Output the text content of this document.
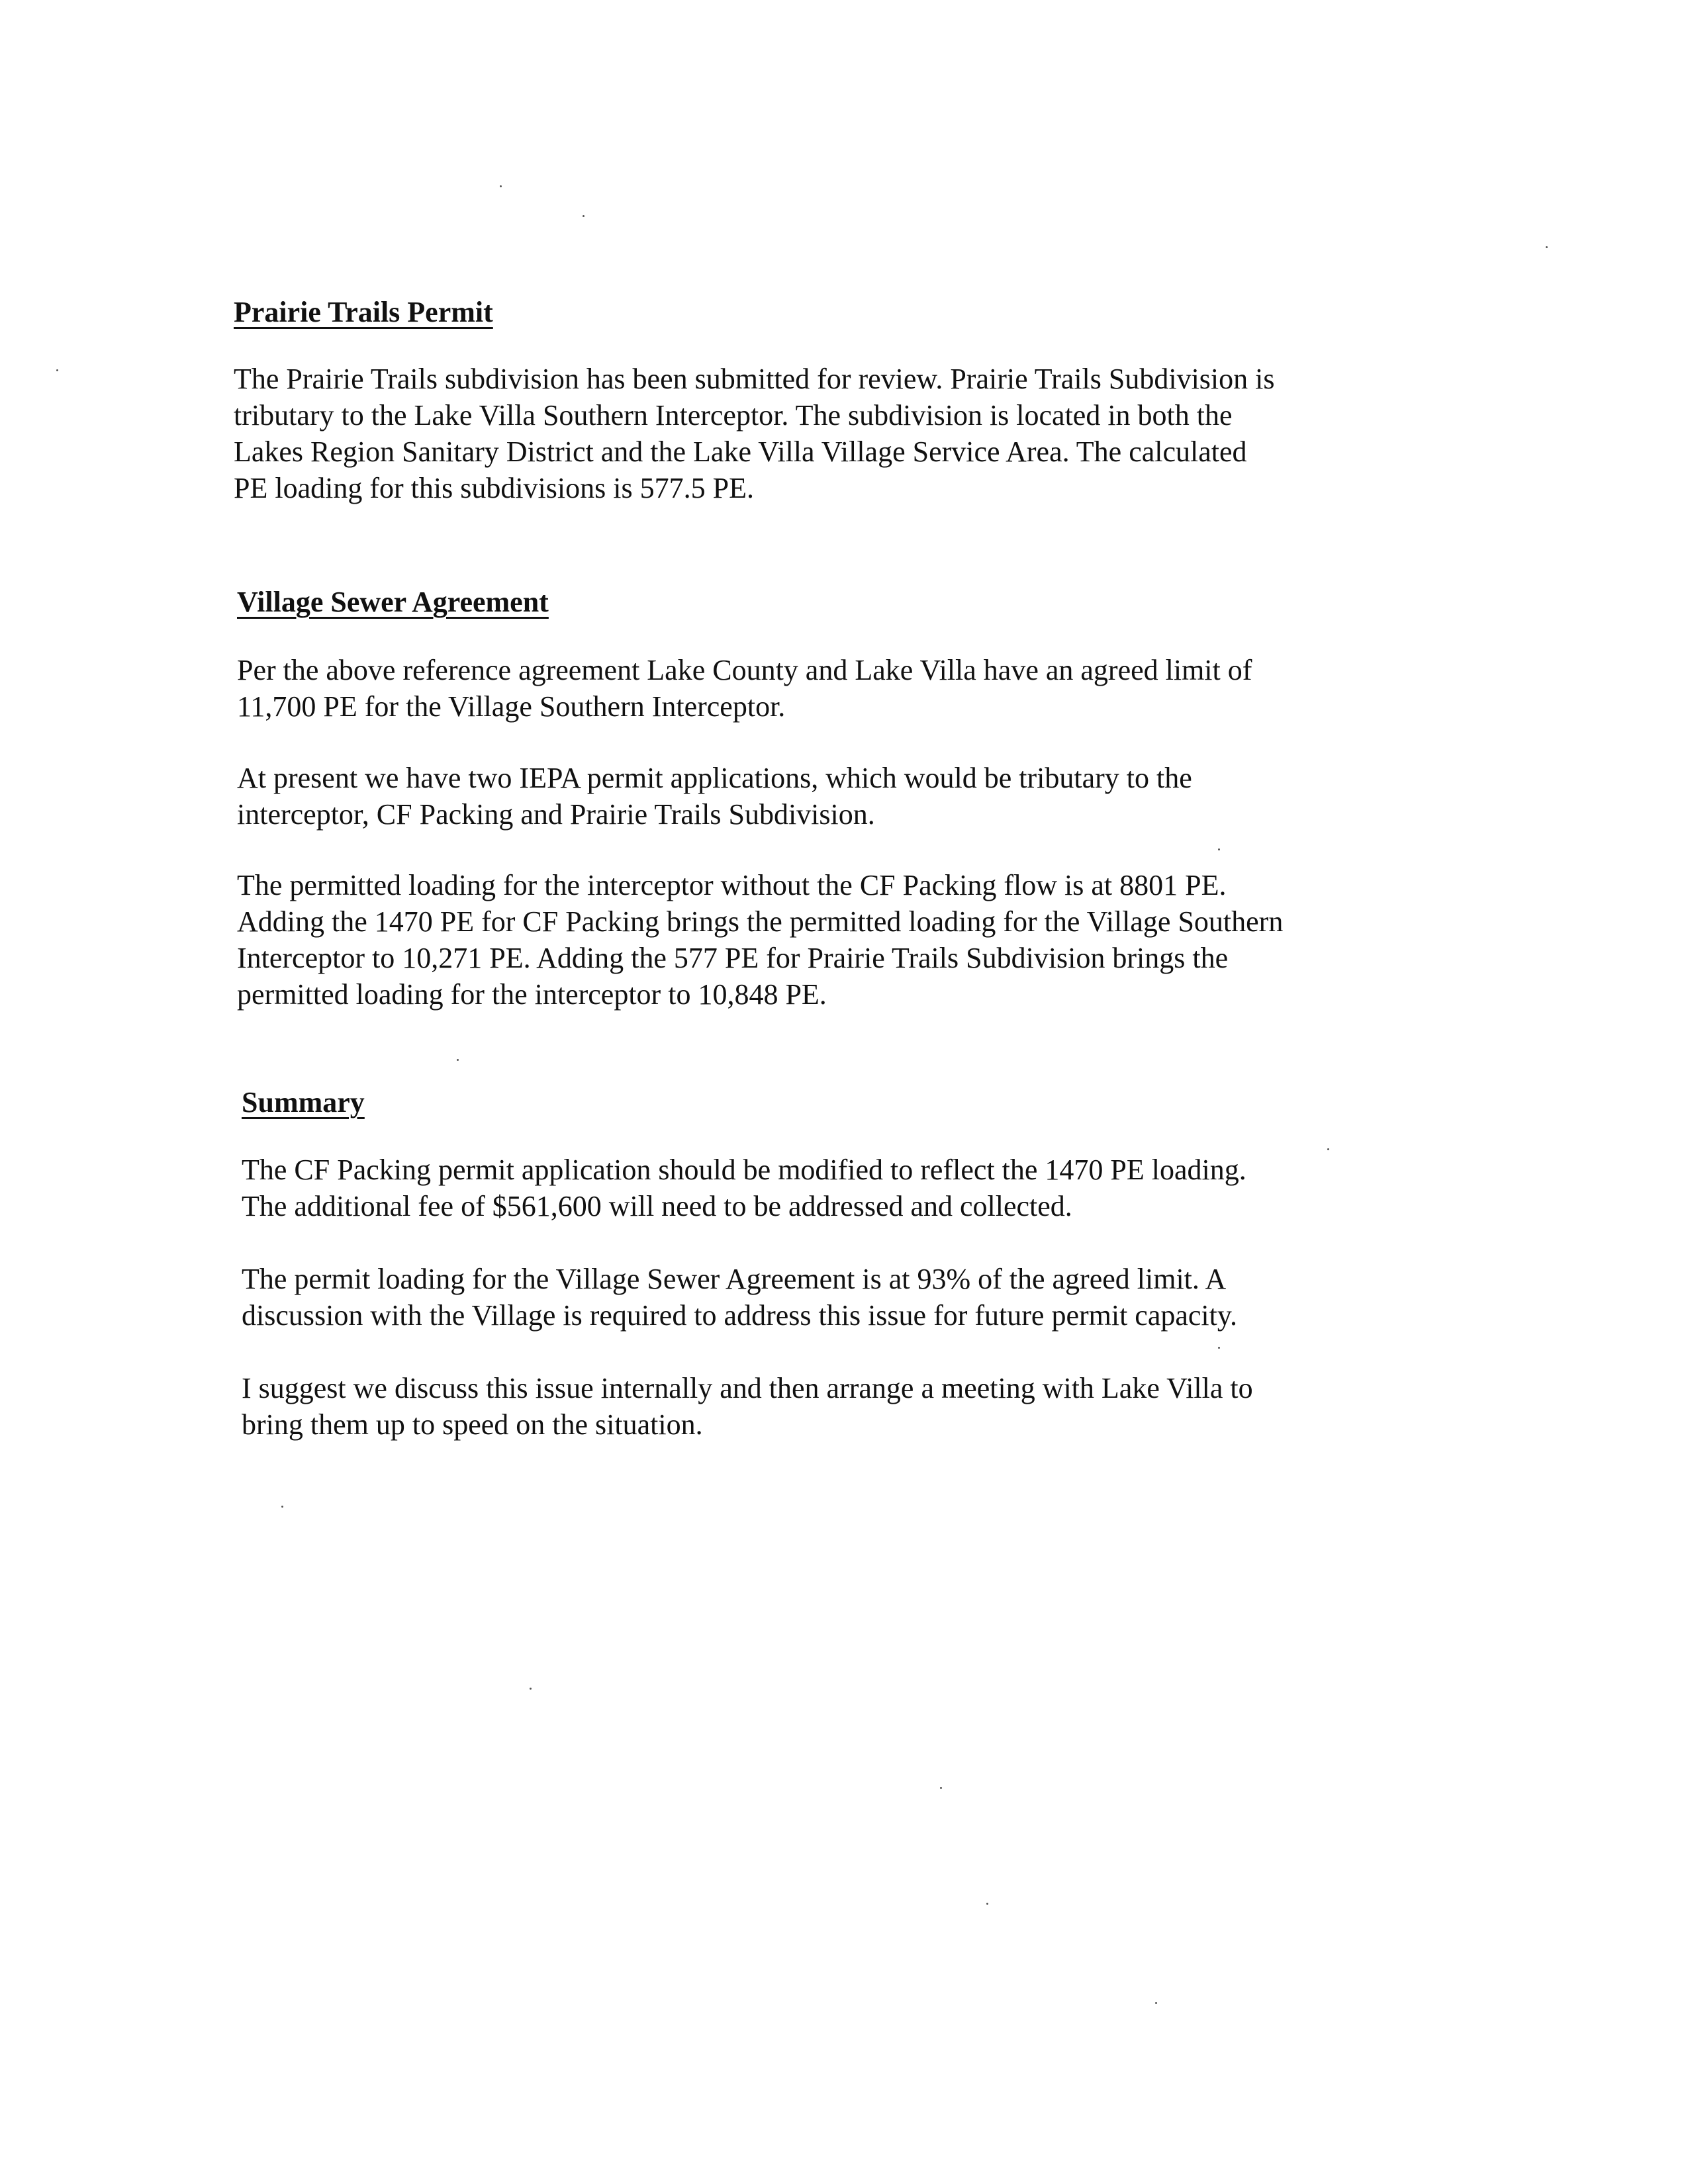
Prairie Trails Permit

The Prairie Trails subdivision has been submitted for review. Prairie Trails Subdivision is
tributary to the Lake Villa Southern Interceptor. The subdivision is located in both the
Lakes Region Sanitary District and the Lake Villa Village Service Area. The calculated
PE loading for this subdivisions is 577.5 PE.

Village Sewer Agreement

Per the above reference agreement Lake County and Lake Villa have an agreed limit of
11,700 PE for the Village Southern Interceptor.

At present we have two IEPA permit applications, which would be tributary to the
interceptor, CF Packing and Prairie Trails Subdivision.

The permitted loading for the interceptor without the CF Packing flow is at 8801 PE.
Adding the 1470 PE for CF Packing brings the permitted loading for the Village Southern
Interceptor to 10,271 PE. Adding the 577 PE for Prairie Trails Subdivision brings the
permitted loading for the interceptor to 10,848 PE.

Summary

The CF Packing permit application should be modified to reflect the 1470 PE loading.
The additional fee of $561,600 will need to be addressed and collected.

The permit loading for the Village Sewer Agreement is at 93% of the agreed limit. A
discussion with the Village is required to address this issue for future permit capacity.

I suggest we discuss this issue internally and then arrange a meeting with Lake Villa to
bring them up to speed on the situation.
